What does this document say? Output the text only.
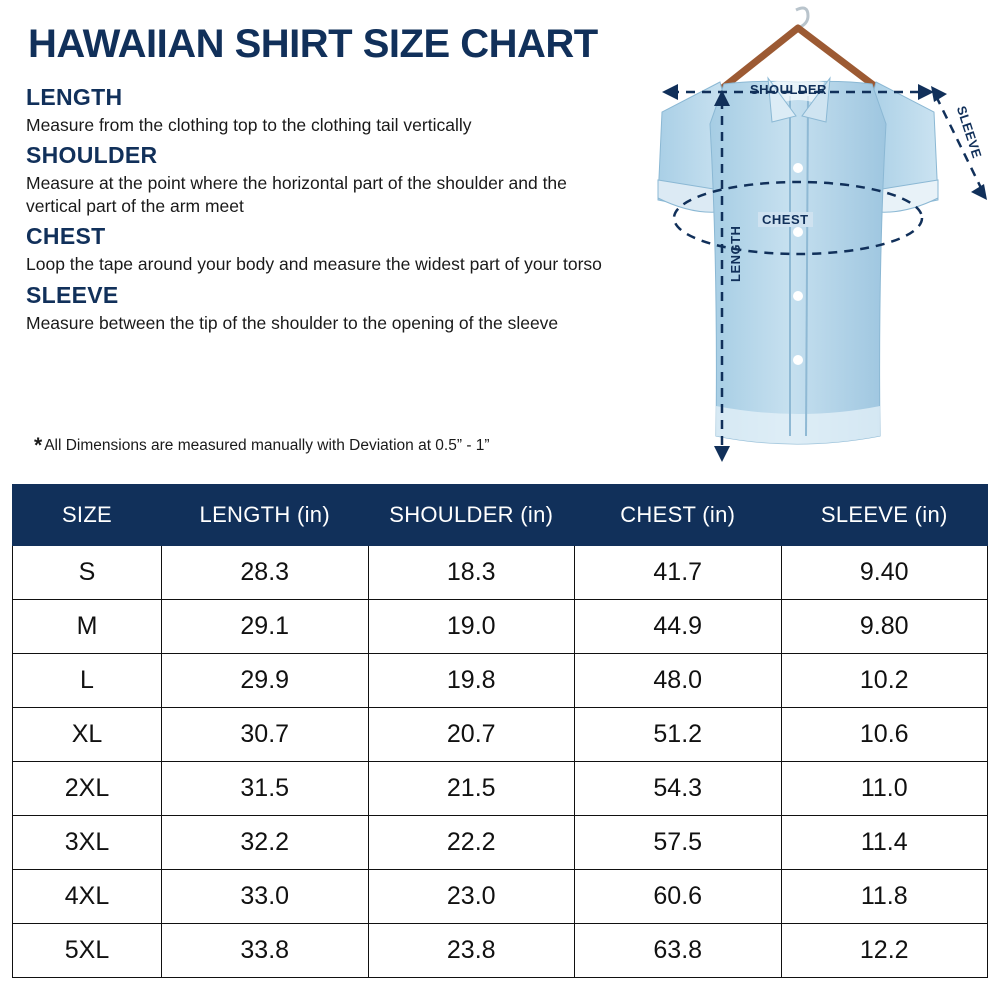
HAWAIIAN SHIRT SIZE CHART
LENGTH
Measure from the clothing top to the clothing tail vertically
SHOULDER
Measure at the point where the horizontal part of the shoulder and the vertical part of the arm meet
CHEST
Loop the tape around your body and measure the widest part of your torso
SLEEVE
Measure between the tip of the shoulder to the opening of the sleeve
* All Dimensions are measured manually with Deviation at 0.5” - 1”
SHOULDER
CHEST
LENGTH
SLEEVE
SIZE	LENGTH (in)	SHOULDER (in)	CHEST (in)	SLEEVE (in)
S	28.3	18.3	41.7	9.40
M	29.1	19.0	44.9	9.80
L	29.9	19.8	48.0	10.2
XL	30.7	20.7	51.2	10.6
2XL	31.5	21.5	54.3	11.0
3XL	32.2	22.2	57.5	11.4
4XL	33.0	23.0	60.6	11.8
5XL	33.8	23.8	63.8	12.2
